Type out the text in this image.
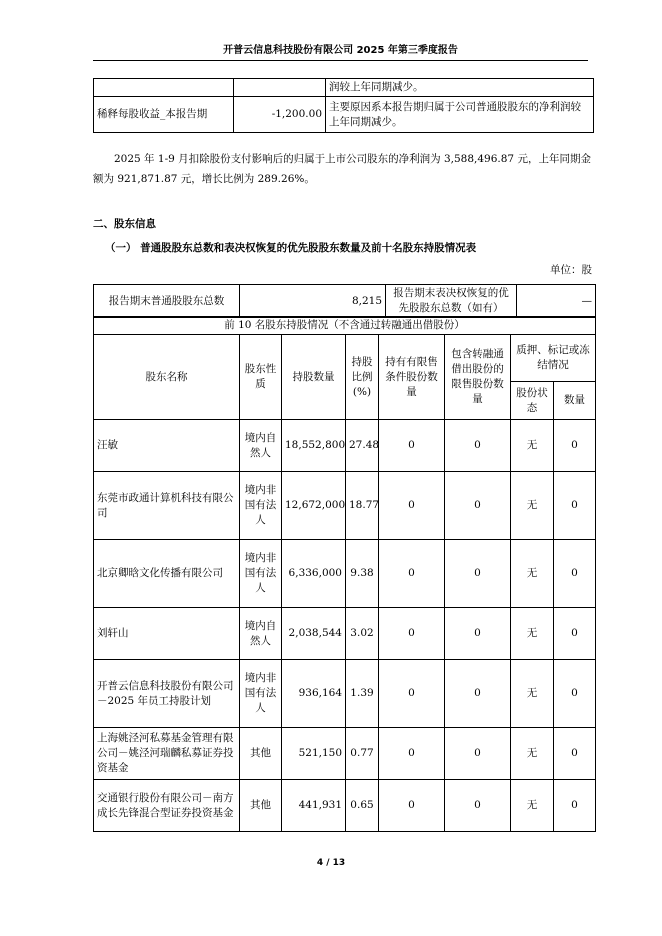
开普云信息科技股份有限公司 2025 年第三季度报告
		润较上年同期减少。
稀释每股收益_本报告期	-1,200.00	主要原因系本报告期归属于公司普通股股东的净利润较上年同期减少。
2025 年 1-9 月扣除股份支付影响后的归属于上市公司股东的净利润为 3,588,496.87 元，上年同期金额为 921,871.87 元，增长比例为 289.26%。
二、股东信息
（一） 普通股股东总数和表决权恢复的优先股股东数量及前十名股东持股情况表
单位：股
报告期末普通股股东总数	8,215	报告期末表决权恢复的优先股股东总数（如有）	—
前 10 名股东持股情况（不含通过转融通出借股份）							
股东名称	股东性质	持股数量	持股比例(%)	持有有限售条件股份数量	包含转融通借出股份的限售股份数量	质押、标记或冻结情况	
						股份状态	数量
汪敏	境内自然人	18,552,800	27.48	0	0	无	0
东莞市政通计算机科技有限公司	境内非国有法人	12,672,000	18.77	0	0	无	0
北京卿晗文化传播有限公司	境内非国有法人	6,336,000	9.38	0	0	无	0
刘轩山	境内自然人	2,038,544	3.02	0	0	无	0
开普云信息科技股份有限公司－2025 年员工持股计划	境内非国有法人	936,164	1.39	0	0	无	0
上海姚泾河私募基金管理有限公司－姚泾河瑞麟私募证券投资基金	其他	521,150	0.77	0	0	无	0
交通银行股份有限公司－南方成长先锋混合型证券投资基金	其他	441,931	0.65	0	0	无	0
4 / 13
